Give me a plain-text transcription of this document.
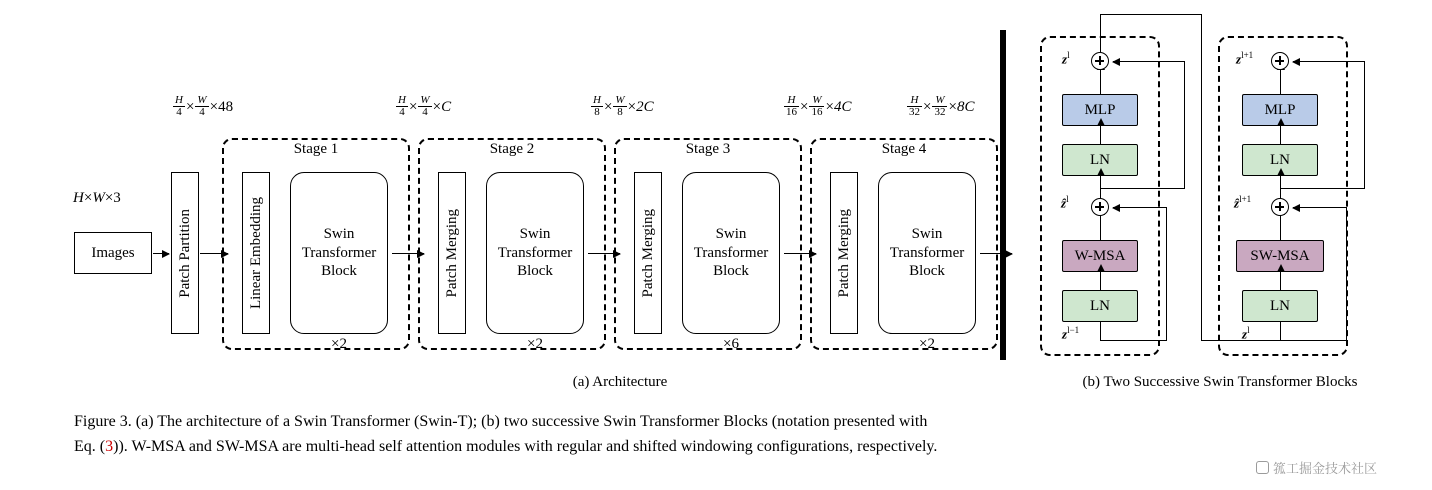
H×W×3
Images	Patch Partition
$\frac{H}{4} \times \frac{W}{4} \times 48$
Stage 1
Linear Embedding	Swin
Transformer
Block
×2
$\frac{H}{4} \times \frac{W}{4} \times C$
Stage 2
Patch Merging	Swin
Transformer
Block
×2
$\frac{H}{8} \times \frac{W}{8} \times 2C$
Stage 3
Patch Merging	Swin
Transformer
Block
×6
$\frac{H}{16} \times \frac{W}{16} \times 4C$
Stage 4
Patch Merging	Swin
Transformer
Block
×2
$\frac{H}{32} \times \frac{W}{32} \times 8C$
(a) Architecture
LN
W-MSA
LN
MLP
$z^{l-1}$
ẑ$^l$
$z^l$
LN
SW-MSA
LN
MLP
$z^l$
ẑ$^{l+1}$
$z^{l+1}$
(b) Two Successive Swin Transformer Blocks
Figure 3. (a) The architecture of a Swin Transformer (Swin-T); (b) two successive Swin Transformer Blocks (notation presented with
Eq. (3)). W-MSA and SW-MSA are multi-head self attention modules with regular and shifted windowing configurations, respectively.
箛工掘金技术社区
